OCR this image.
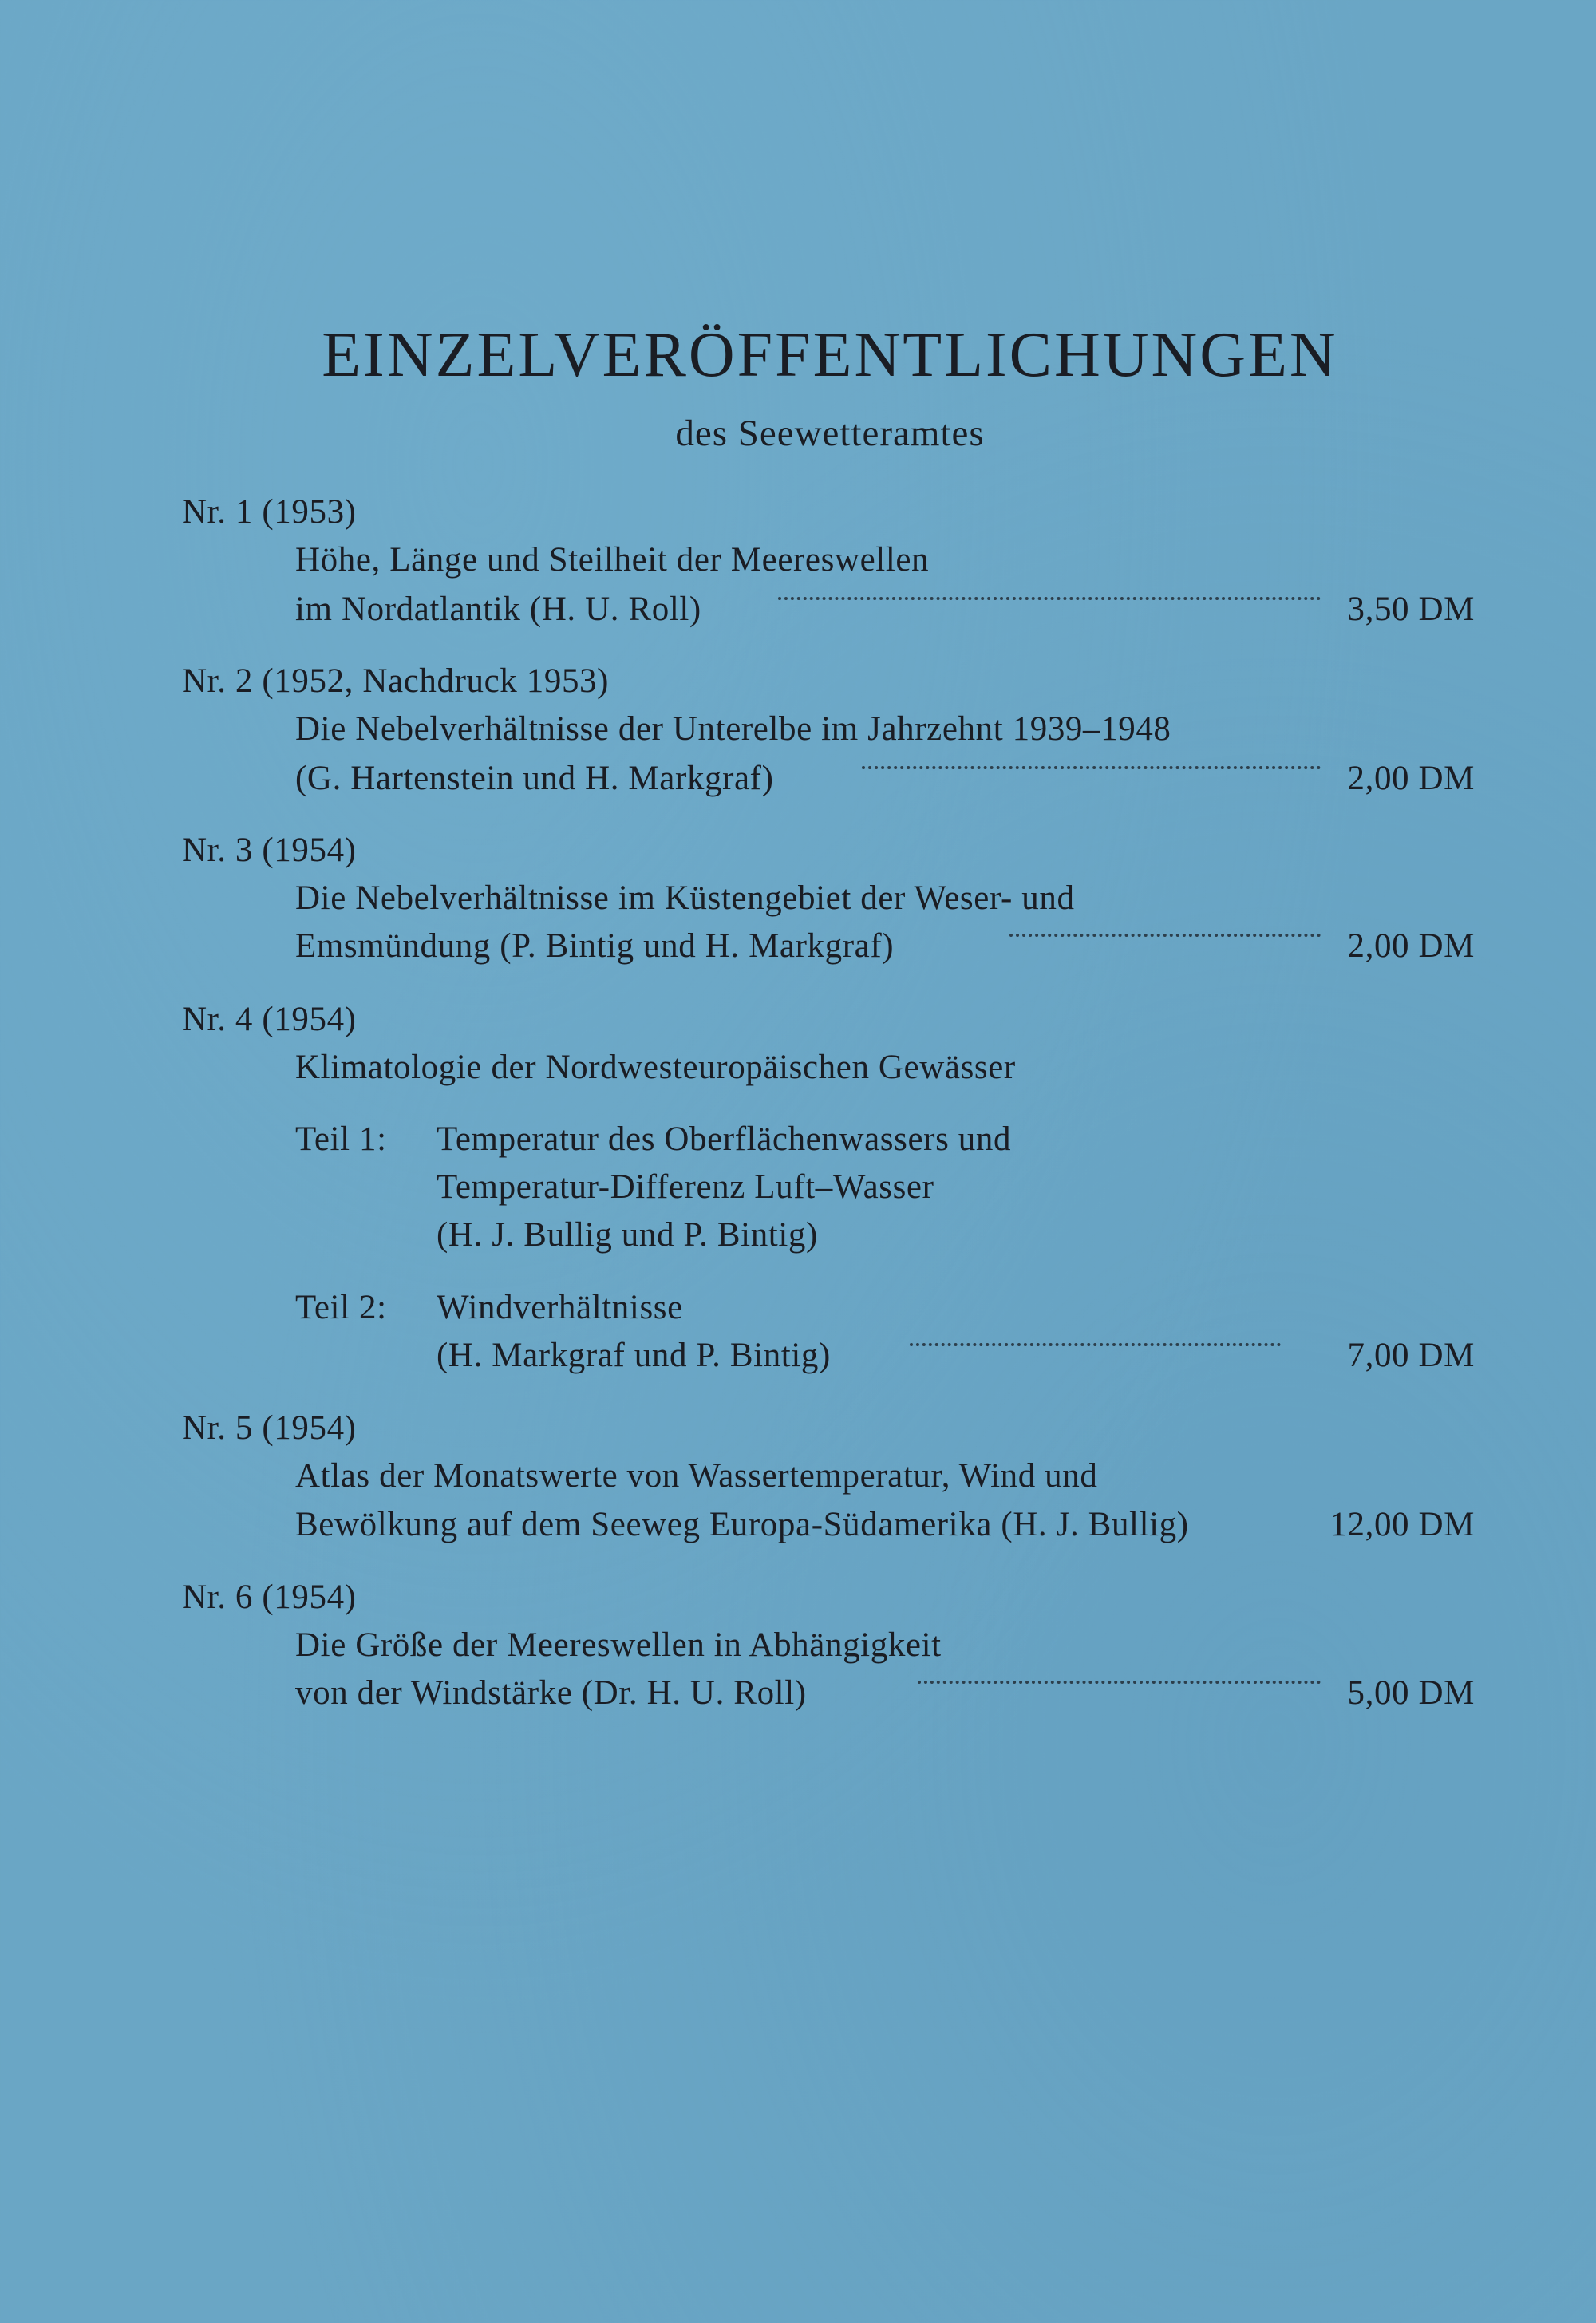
EINZELVERÖFFENTLICHUNGEN
des Seewetteramtes
Nr. 1 (1953)
Höhe, Länge und Steilheit der Meereswellen
im Nordatlantik (H. U. Roll)	3,50 DM
Nr. 2 (1952, Nachdruck 1953)
Die Nebelverhältnisse der Unterelbe im Jahrzehnt 1939–1948
(G. Hartenstein und H. Markgraf)	2,00 DM
Nr. 3 (1954)
Die Nebelverhältnisse im Küstengebiet der Weser- und
Emsmündung (P. Bintig und H. Markgraf)	2,00 DM
Nr. 4 (1954)
Klimatologie der Nordwesteuropäischen Gewässer
Teil 1: Temperatur des Oberflächenwassers und
Temperatur-Differenz Luft–Wasser
(H. J. Bullig und P. Bintig)
Teil 2: Windverhältnisse
(H. Markgraf und P. Bintig)	7,00 DM
Nr. 5 (1954)
Atlas der Monatswerte von Wassertemperatur, Wind und
Bewölkung auf dem Seeweg Europa-Südamerika (H. J. Bullig)	12,00 DM
Nr. 6 (1954)
Die Größe der Meereswellen in Abhängigkeit
von der Windstärke (Dr. H. U. Roll)	5,00 DM
